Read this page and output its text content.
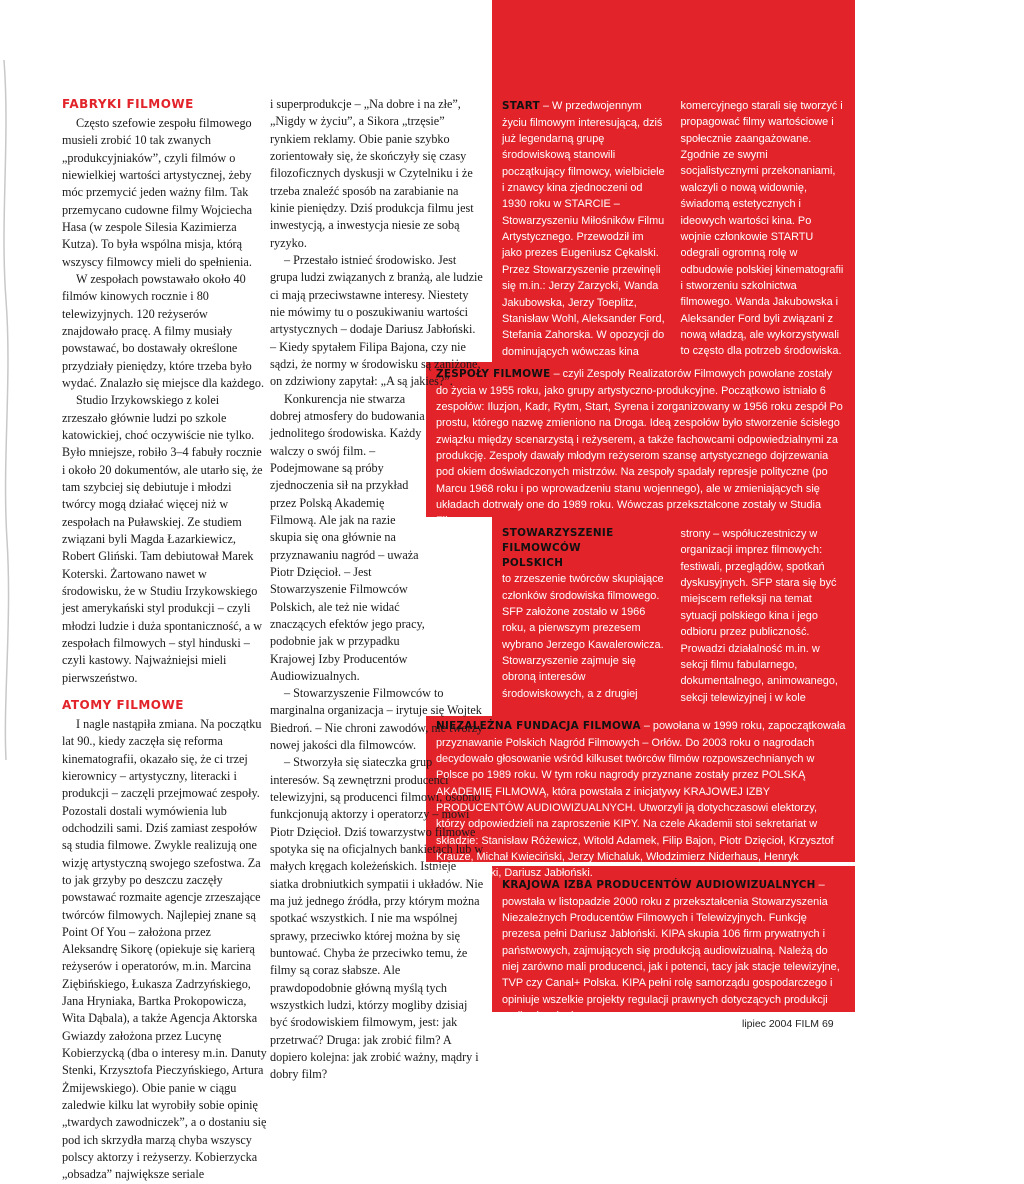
FABRYKI FILMOWE

Często szefowie zespołu filmowego musieli zrobić 10 tak zwanych „produkcyjniaków”, czyli filmów o niewielkiej wartości artystycznej, żeby móc przemycić jeden ważny film. Tak przemycano cudowne filmy Wojciecha Hasa (w zespole Silesia Kazimierza Kutza). To była wspólna misja, którą wszyscy filmowcy mieli do spełnienia.

W zespołach powstawało około 40 filmów kinowych rocznie i 80 telewizyjnych. 120 reżyserów znajdowało pracę. A filmy musiały powstawać, bo dostawały określone przydziały pieniędzy, które trzeba było wydać. Znalazło się miejsce dla każdego.

Studio Irzykowskiego z kolei zrzeszało głównie ludzi po szkole katowickiej, choć oczywiście nie tylko. Było mniejsze, robiło 3–4 fabuły rocznie i około 20 dokumentów, ale utarło się, że tam szybciej się debiutuje i młodzi twórcy mogą działać więcej niż w zespołach na Puławskiej. Ze studiem związani byli Magda Łazarkiewicz, Robert Gliński. Tam debiutował Marek Koterski. Żartowano nawet w środowisku, że w Studiu Irzykowskiego jest amerykański styl produkcji – czyli młodzi ludzie i duża spontaniczność, a w zespołach filmowych – styl hinduski – czyli kastowy. Najważniejsi mieli pierwszeństwo.

ATOMY FILMOWE

I nagle nastąpiła zmiana. Na początku lat 90., kiedy zaczęła się reforma kinematografii, okazało się, że ci trzej kierownicy – artystyczny, literacki i produkcji – zaczęli przejmować zespoły. Pozostali dostali wymówienia lub odchodzili sami. Dziś zamiast zespołów są studia filmowe. Zwykle realizują one wizję artystyczną swojego szefostwa. Za to jak grzyby po deszczu zaczęły powstawać rozmaite agencje zrzeszające twórców filmowych. Najlepiej znane są Point Of You – założona przez Aleksandrę Sikorę (opiekuje się karierą reżyserów i operatorów, m.in. Marcina Ziębińskiego, Łukasza Zadrzyńskiego, Jana Hryniaka, Bartka Prokopowicza, Wita Dąbala), a także Agencja Aktorska Gwiazdy założona przez Lucynę Kobierzycką (dba o interesy m.in. Danuty Stenki, Krzysztofa Pieczyńskiego, Artura Żmijewskiego). Obie panie w ciągu zaledwie kilku lat wyrobiły sobie opinię „twardych zawodniczek”, a o dostaniu się pod ich skrzydła marzą chyba wszyscy polscy aktorzy i reżyserzy. Kobierzycka „obsadza” największe seriale

i superprodukcje – „Na dobre i na złe”, „Nigdy w życiu”, a Sikora „trzęsie” rynkiem reklamy. Obie panie szybko zorientowały się, że skończyły się czasy filozoficznych dyskusji w Czytelniku i że trzeba znaleźć sposób na zarabianie na kinie pieniędzy. Dziś produkcja filmu jest inwestycją, a inwestycja niesie ze sobą ryzyko.

– Przestało istnieć środowisko. Jest grupa ludzi związanych z branżą, ale ludzie ci mają przeciwstawne interesy. Niestety nie mówimy tu o poszukiwaniu wartości artystycznych – dodaje Dariusz Jabłoński. – Kiedy spytałem Filipa Bajona, czy nie sądzi, że normy w środowisku są zaniżone, on zdziwiony zapytał: „A są jakieś?”.

Konkurencja nie stwarza dobrej atmosfery do budowania jednolitego środowiska. Każdy walczy o swój film. – Podejmowane są próby zjednoczenia sił na przykład przez Polską Akademię Filmową. Ale jak na razie skupia się ona głównie na przyznawaniu nagród – uważa Piotr Dzięcioł. – Jest Stowarzyszenie Filmowców Polskich, ale też nie widać znaczących efektów jego pracy, podobnie jak w przypadku Krajowej Izby Producentów Audiowizualnych.

– Stowarzyszenie Filmowców to marginalna organizacja – irytuje się Wojtek Biedroń. – Nie chroni zawodów, nie tworzy nowej jakości dla filmowców.

– Stworzyła się siateczka grup interesów. Są zewnętrzni producenci telewizyjni, są producenci filmowi, osobno funkcjonują aktorzy i operatorzy – mówi Piotr Dzięcioł. Dziś towarzystwo filmowe spotyka się na oficjalnych bankietach lub w małych kręgach koleżeńskich. Istnieje siatka drobniutkich sympatii i układów. Nie ma już jednego źródła, przy którym można spotkać wszystkich. I nie ma wspólnej sprawy, przeciwko której można by się buntować. Chyba że przeciwko temu, że filmy są coraz słabsze. Ale prawdopodobnie główną myślą tych wszystkich ludzi, którzy mogliby dzisiaj być środowiskiem filmowym, jest: jak przetrwać? Druga: jak zrobić film? A dopiero kolejna: jak zrobić ważny, mądry i dobry film?

START – W przedwojennym życiu filmowym interesującą, dziś już legendarną grupę środowiskową stanowili początkujący filmowcy, wielbiciele i znawcy kina zjednoczeni od 1930 roku w STARCIE – Stowarzyszeniu Miłośników Filmu Artystycznego. Przewodził im jako prezes Eugeniusz Cękalski. Przez Stowarzyszenie przewinęli się m.in.: Jerzy Zarzycki, Wanda Jakubowska, Jerzy Toeplitz, Stanisław Wohl, Aleksander Ford, Stefania Zahorska. W opozycji do dominujących wówczas kina komercyjnego starali się tworzyć i propagować filmy wartościowe i społecznie zaangażowane. Zgodnie ze swymi socjalistycznymi przekonaniami, walczyli o nową widownię, świadomą estetycznych i ideowych wartości kina. Po wojnie członkowie STARTU odegrali ogromną rolę w odbudowie polskiej kinematografii i stworzeniu szkolnictwa filmowego. Wanda Jakubowska i Aleksander Ford byli związani z nową władzą, ale wykorzystywali to często dla potrzeb środowiska. Dzięki wstawiennictwu Aleksandra Forda na ekrany weszło „Pokolenie” Wajdy.

ZESPOŁY FILMOWE – czyli Zespoły Realizatorów Filmowych powołane zostały do życia w 1955 roku, jako grupy artystyczno-produkcyjne. Początkowo istniało 6 zespołów: Iluzjon, Kadr, Rytm, Start, Syrena i zorganizowany w 1956 roku zespół Po prostu, którego nazwę zmieniono na Droga. Ideą zespołów było stworzenie ścisłego związku między scenarzystą i reżyserem, a także fachowcami odpowiedzialnymi za produkcję. Zespoły dawały młodym reżyserom szansę artystycznego dojrzewania pod okiem doświadczonych mistrzów. Na zespoły spadały represje polityczne (po Marcu 1968 roku i po wprowadzeniu stanu wojennego), ale w zmieniających się układach dotrwały one do 1989 roku. Wówczas przekształcone zostały w Studia Filmowe.

STOWARZYSZENIE FILMOWCÓW POLSKICH
to zrzeszenie twórców skupiające członków środowiska filmowego. SFP założone zostało w 1966 roku, a pierwszym prezesem wybrano Jerzego Kawalerowicza. Stowarzyszenie zajmuje się obroną interesów środowiskowych, a z drugiej strony – współuczestniczy w organizacji imprez filmowych: festiwali, przeglądów, spotkań dyskusyjnych. SFP stara się być miejscem refleksji na temat sytuacji polskiego kina i jego odbioru przez publiczność. Prowadzi działalność m.in. w sekcji filmu fabularnego, dokumentalnego, animowanego, sekcji telewizyjnej i w kole piśmiennictwa filmowego. Od 1996 roku prezesem Stowarzyszenia jest Jacek Bromski.

NIEZALEŻNA FUNDACJA FILMOWA – powołana w 1999 roku, zapoczątkowała przyznawanie Polskich Nagród Filmowych – Orłów. Do 2003 roku o nagrodach decydowało głosowanie wśród kilkuset twórców filmów rozpowszechnianych w Polsce po 1989 roku. W tym roku nagrody przyznane zostały przez POLSKĄ AKADEMIĘ FILMOWĄ, która powstała z inicjatywy KRAJOWEJ IZBY PRODUCENTÓW AUDIOWIZUALNYCH. Utworzyli ją dotychczasowi elektorzy, którzy odpowiedzieli na zaproszenie KIPY. Na czele Akademii stoi sekretariat w składzie: Stanisław Różewicz, Witold Adamek, Filip Bajon, Piotr Dzięcioł, Krzysztof Krauze, Michał Kwieciński, Jerzy Michaluk, Włodzimierz Niderhaus, Henryk Romanowski, Dariusz Jabłoński.

KRAJOWA IZBA PRODUCENTÓW AUDIOWIZUALNYCH – powstała w listopadzie 2000 roku z przekształcenia Stowarzyszenia Niezależnych Producentów Filmowych i Telewizyjnych. Funkcję prezesa pełni Dariusz Jabłoński. KIPA skupia 106 firm prywatnych i państwowych, zajmujących się produkcją audiowizualną. Należą do niej zarówno mali producenci, jak i potenci, tacy jak stacje telewizyjne, TVP czy Canal+ Polska. KIPA pełni rolę samorządu gospodarczego i opiniuje wszelkie projekty regulacji prawnych dotyczących produkcji audiowizualnej.

lipiec 2004 FILM 69
